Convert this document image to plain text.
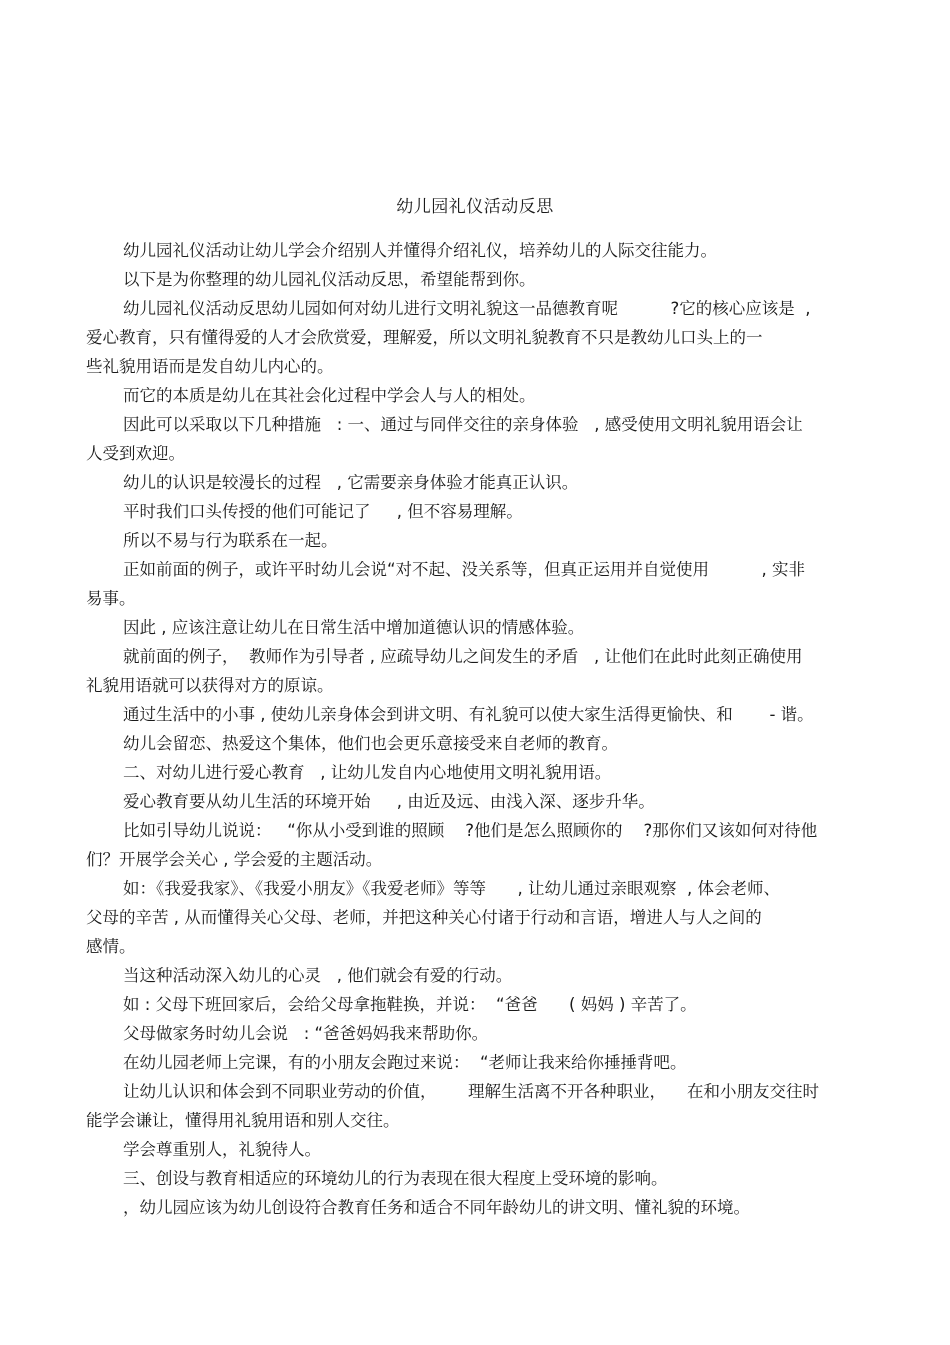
幼儿园礼仪活动反思
幼儿园礼仪活动让幼儿学会介绍别人并懂得介绍礼仪，培养幼儿的人际交往能力。
以下是为你整理的幼儿园礼仪活动反思，希望能帮到你。
幼儿园礼仪活动反思幼儿园如何对幼儿进行文明礼貌这一品德教育呢          ?它的核心应该是  ,
爱心教育，只有懂得爱的人才会欣赏爱，理解爱，所以文明礼貌教育不只是教幼儿口头上的一
些礼貌用语而是发自幼儿内心的。
而它的本质是幼儿在其社会化过程中学会人与人的相处。
因此可以采取以下几种措施   : 一、通过与同伴交往的亲身体验   , 感受使用文明礼貌用语会让
人受到欢迎。
幼儿的认识是较漫长的过程   , 它需要亲身体验才能真正认识。
平时我们口头传授的他们可能记了     , 但不容易理解。
所以不易与行为联系在一起。
正如前面的例子，或许平时幼儿会说“对不起、没关系等，但真正运用并自觉使用          , 实非
易事。
因此 , 应该注意让幼儿在日常生活中增加道德认识的情感体验。
就前面的例子，  教师作为引导者 , 应疏导幼儿之间发生的矛盾   , 让他们在此时此刻正确使用
礼貌用语就可以获得对方的原谅。
通过生活中的小事 , 使幼儿亲身体会到讲文明、有礼貌可以使大家生活得更愉快、和       - 谐。
幼儿会留恋、热爱这个集体，他们也会更乐意接受来自老师的教育。
二、对幼儿进行爱心教育   , 让幼儿发自内心地使用文明礼貌用语。
爱心教育要从幼儿生活的环境开始     , 由近及远、由浅入深、逐步升华。
比如引导幼儿说说：   “你从小受到谁的照顾    ?他们是怎么照顾你的    ?那你们又该如何对待他
们？开展学会关心 , 学会爱的主题活动。
如：《我爱我家》、《我爱小朋友》《我爱老师》等等      , 让幼儿通过亲眼观察  , 体会老师、
父母的辛苦 , 从而懂得关心父母、老师，并把这种关心付诸于行动和言语，增进人与人之间的
感情。
当这种活动深入幼儿的心灵   , 他们就会有爱的行动。
如 : 父母下班回家后，会给父母拿拖鞋换，并说：  “爸爸      ( 妈妈 ) 辛苦了。
父母做家务时幼儿会说   : “爸爸妈妈我来帮助你。
在幼儿园老师上完课，有的小朋友会跑过来说：  “老师让我来给你捶捶背吧。
让幼儿认识和体会到不同职业劳动的价值，      理解生活离不开各种职业，    在和小朋友交往时
能学会谦让，懂得用礼貌用语和别人交往。
学会尊重别人，礼貌待人。
三、创设与教育相适应的环境幼儿的行为表现在很大程度上受环境的影响。
，幼儿园应该为幼儿创设符合教育任务和适合不同年龄幼儿的讲文明、懂礼貌的环境。
